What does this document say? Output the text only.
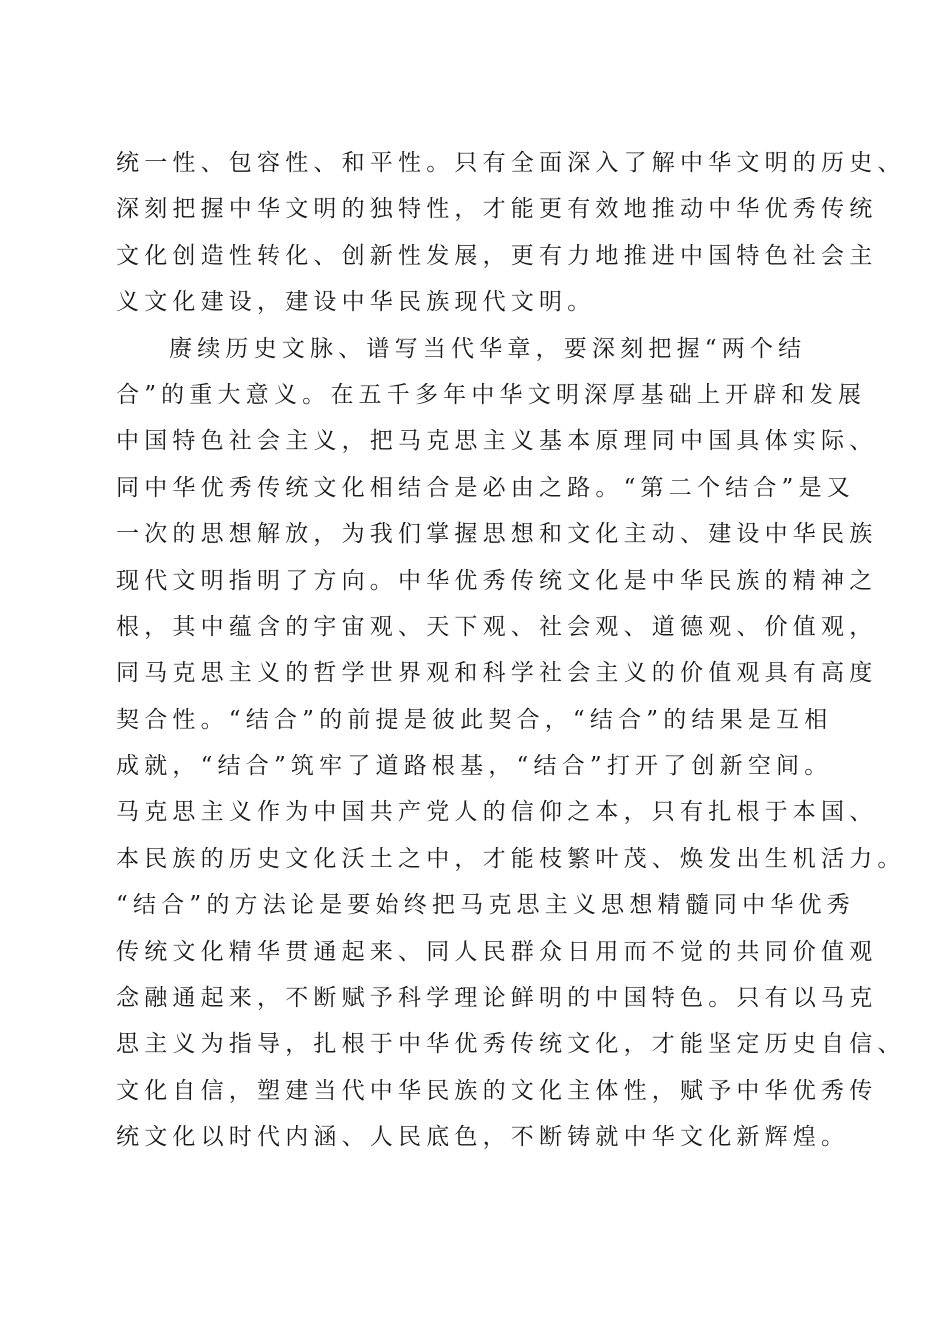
统一性、包容性、和平性。只有全面深入了解中华文明的历史、
深刻把握中华文明的独特性，才能更有效地推动中华优秀传统
文化创造性转化、创新性发展，更有力地推进中国特色社会主
义文化建设，建设中华民族现代文明。
赓续历史文脉、谱写当代华章，要深刻把握“两个结
合”的重大意义。在五千多年中华文明深厚基础上开辟和发展
中国特色社会主义，把马克思主义基本原理同中国具体实际、
同中华优秀传统文化相结合是必由之路。“第二个结合”是又
一次的思想解放，为我们掌握思想和文化主动、建设中华民族
现代文明指明了方向。中华优秀传统文化是中华民族的精神之
根，其中蕴含的宇宙观、天下观、社会观、道德观、价值观，
同马克思主义的哲学世界观和科学社会主义的价值观具有高度
契合性。“结合”的前提是彼此契合，“结合”的结果是互相
成就，“结合”筑牢了道路根基，“结合”打开了创新空间。
马克思主义作为中国共产党人的信仰之本，只有扎根于本国、
本民族的历史文化沃土之中，才能枝繁叶茂、焕发出生机活力。
“结合”的方法论是要始终把马克思主义思想精髓同中华优秀
传统文化精华贯通起来、同人民群众日用而不觉的共同价值观
念融通起来，不断赋予科学理论鲜明的中国特色。只有以马克
思主义为指导，扎根于中华优秀传统文化，才能坚定历史自信、
文化自信，塑建当代中华民族的文化主体性，赋予中华优秀传
统文化以时代内涵、人民底色，不断铸就中华文化新辉煌。
